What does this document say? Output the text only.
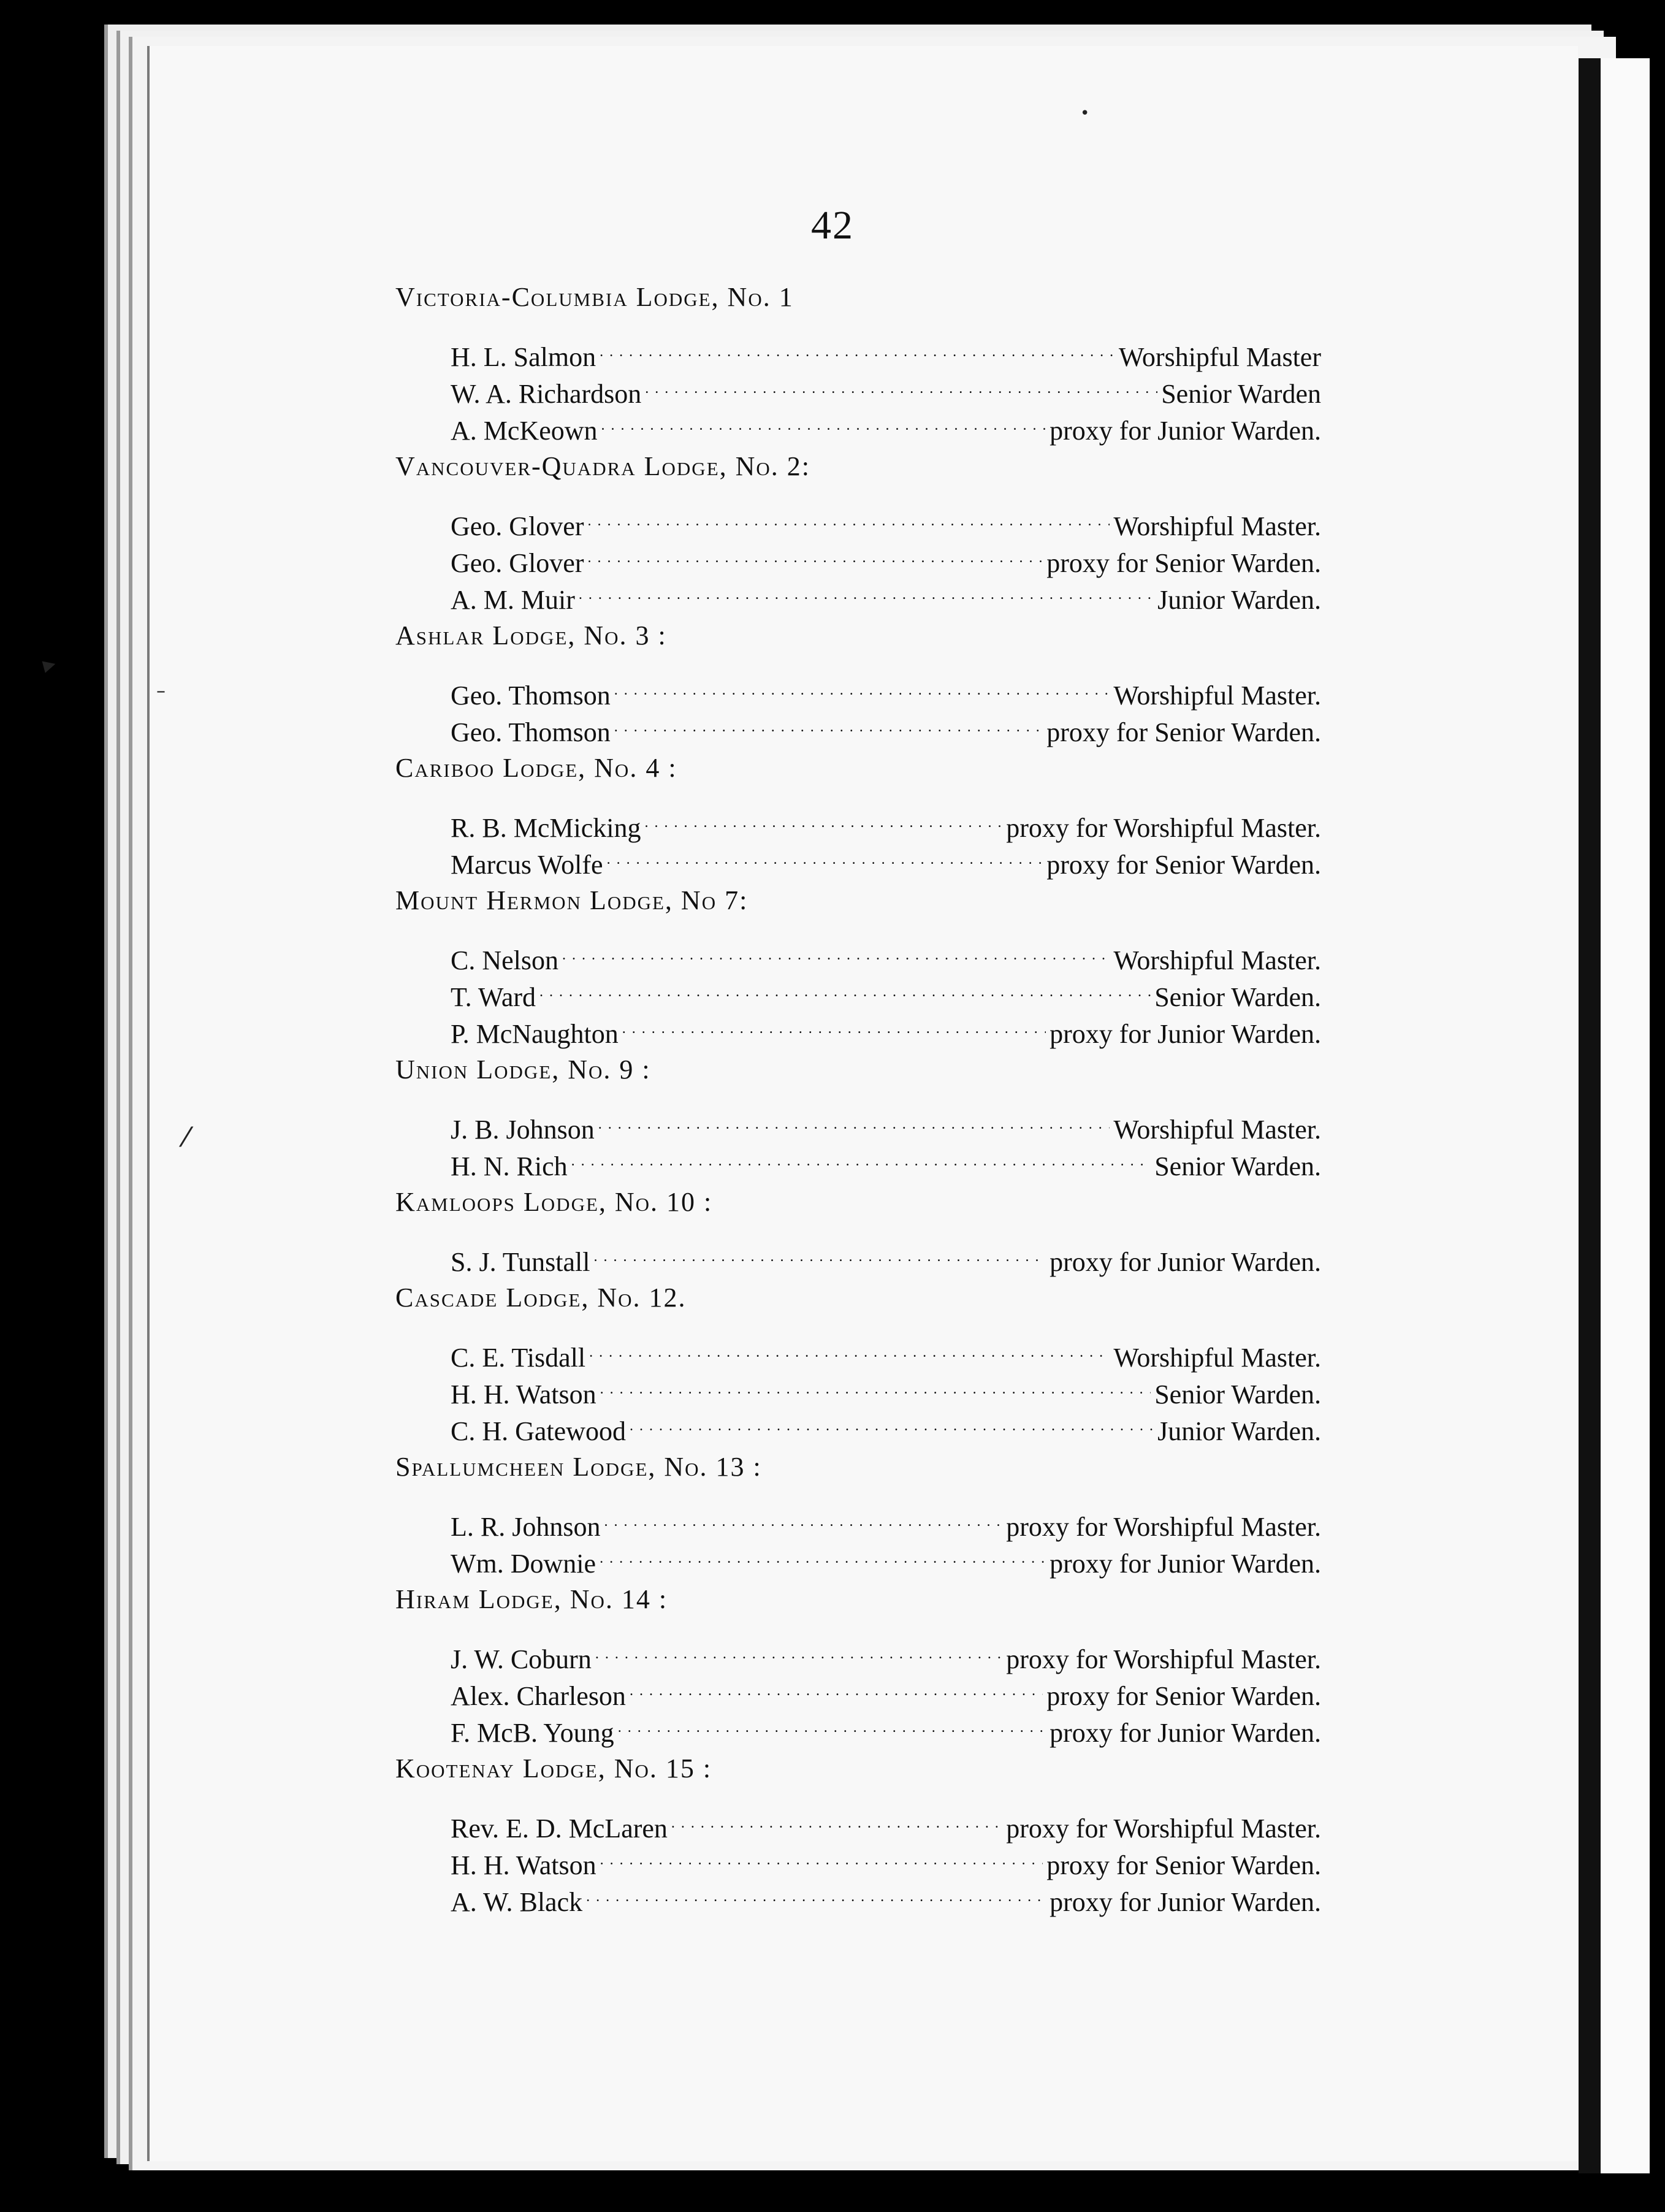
•
▸
–
⁄
42
Victoria-Columbia Lodge, No. 1
H. L. Salmon . . .	Worshipful Master
W. A. Richardson . . .	Senior Warden
A. McKeown . . .	proxy for Junior Warden.
Vancouver-Quadra Lodge, No. 2:
Geo. Glover . . .	Worshipful Master.
Geo. Glover . . .	proxy for Senior Warden.
A. M. Muir . . .	Junior Warden.
Ashlar Lodge, No. 3 :
Geo. Thomson . . .	Worshipful Master.
Geo. Thomson . . .	proxy for Senior Warden.
Cariboo Lodge, No. 4 :
R. B. McMicking . . .	proxy for Worshipful Master.
Marcus Wolfe . . .	proxy for Senior Warden.
Mount Hermon Lodge, No 7:
C. Nelson . . .	Worshipful Master.
T. Ward . . .	Senior Warden.
P. McNaughton . . .	proxy for Junior Warden.
Union Lodge, No. 9 :
J. B. Johnson . . .	Worshipful Master.
H. N. Rich . . .	Senior Warden.
Kamloops Lodge, No. 10 :
S. J. Tunstall . . .	proxy for Junior Warden.
Cascade Lodge, No. 12.
C. E. Tisdall . . .	Worshipful Master.
H. H. Watson . . .	Senior Warden.
C. H. Gatewood . . .	Junior Warden.
Spallumcheen Lodge, No. 13 :
L. R. Johnson . . .	proxy for Worshipful Master.
Wm. Downie . . .	proxy for Junior Warden.
Hiram Lodge, No. 14 :
J. W. Coburn . . .	proxy for Worshipful Master.
Alex. Charleson . . .	proxy for Senior Warden.
F. McB. Young . . .	proxy for Junior Warden.
Kootenay Lodge, No. 15 :
Rev. E. D. McLaren . . .	proxy for Worshipful Master.
H. H. Watson . . .	proxy for Senior Warden.
A. W. Black . . .	proxy for Junior Warden.
